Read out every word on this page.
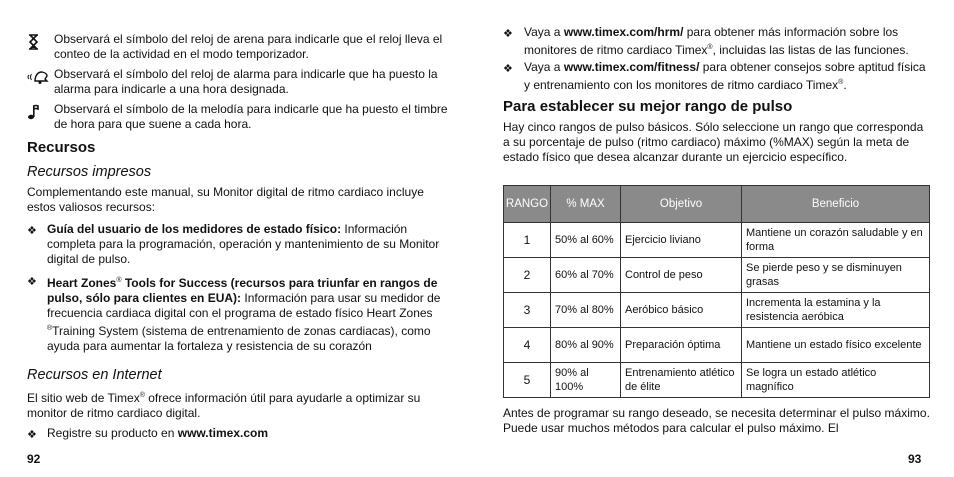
Observará el símbolo del reloj de arena para indicarle que el reloj lleva el conteo de la actividad en el modo temporizador.
Observará el símbolo del reloj de alarma para indicarle que ha puesto la alarma para indicarle a una hora designada.
Observará el símbolo de la melodía para indicarle que ha puesto el timbre de hora para que suene a cada hora.
Recursos
Recursos impresos
Complementando este manual, su Monitor digital de ritmo cardiaco incluye estos valiosos recursos:
❖ Guía del usuario de los medidores de estado físico: Información completa para la programación, operación y mantenimiento de su Monitor digital de pulso.
❖ Heart Zones® Tools for Success (recursos para triunfar en rangos de pulso, sólo para clientes en EUA): Información para usar su medidor de frecuencia cardiaca digital con el programa de estado físico Heart Zones ®Training System (sistema de entrenamiento de zonas cardiacas), como ayuda para aumentar la fortaleza y resistencia de su corazón
Recursos en Internet
El sitio web de Timex® ofrece información útil para ayudarle a optimizar su monitor de ritmo cardiaco digital.
❖ Registre su producto en www.timex.com
92
❖ Vaya a www.timex.com/hrm/ para obtener más información sobre los monitores de ritmo cardiaco Timex®, incluidas las listas de las funciones.
❖ Vaya a www.timex.com/fitness/ para obtener consejos sobre aptitud física y entrenamiento con los monitores de ritmo cardiaco Timex®.
Para establecer su mejor rango de pulso
Hay cinco rangos de pulso básicos. Sólo seleccione un rango que corresponda a su porcentaje de pulso (ritmo cardiaco) máximo (%MAX) según la meta de estado físico que desea alcanzar durante un ejercicio específico.
Antes de programar su rango deseado, se necesita determinar el pulso máximo. Puede usar muchos métodos para calcular el pulso máximo. El
93
RANGO	% MAX	Objetivo	Beneficio
1	50% al 60%	Ejercicio liviano	Mantiene un corazón saludable y en forma
2	60% al 70%	Control de peso	Se pierde peso y se disminuyen grasas
3	70% al 80%	Aeróbico básico	Incrementa la estamina y la resistencia aeróbica
4	80% al 90%	Preparación óptima	Mantiene un estado físico excelente
5	90% al 100%	Entrenamiento atlético de élite	Se logra un estado atlético magnífico
